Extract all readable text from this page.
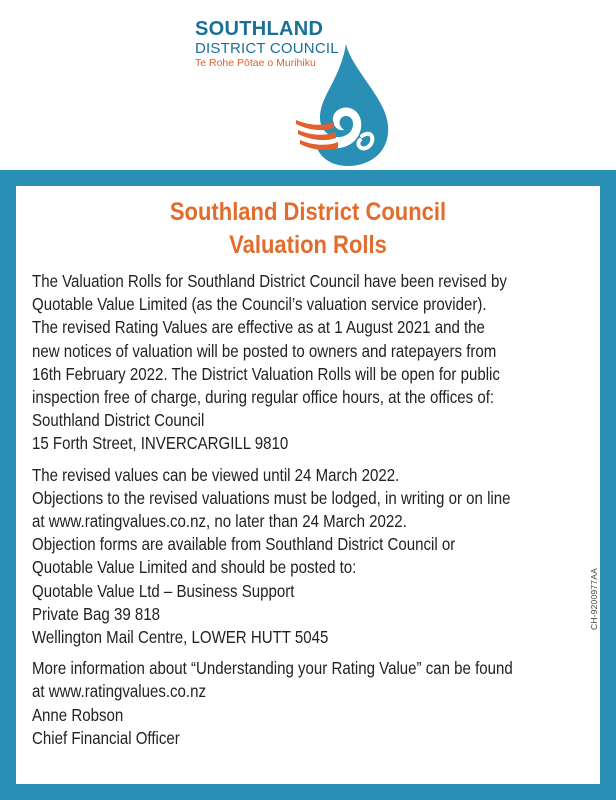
SOUTHLAND
DISTRICT COUNCIL
Te Rohe Pōtae o Murihiku
Southland District Council
Valuation Rolls
The Valuation Rolls for Southland District Council have been revised by
Quotable Value Limited (as the Council’s valuation service provider).
The revised Rating Values are effective as at 1 August 2021 and the
new notices of valuation will be posted to owners and ratepayers from
16th February 2022. The District Valuation Rolls will be open for public
inspection free of charge, during regular office hours, at the offices of:
Southland District Council
15 Forth Street, INVERCARGILL 9810
The revised values can be viewed until 24 March 2022.
Objections to the revised valuations must be lodged, in writing or on line
at www.ratingvalues.co.nz, no later than 24 March 2022.
Objection forms are available from Southland District Council or
Quotable Value Limited and should be posted to:
Quotable Value Ltd – Business Support
Private Bag 39 818
Wellington Mail Centre, LOWER HUTT 5045
More information about “Understanding your Rating Value” can be found
at www.ratingvalues.co.nz
Anne Robson
Chief Financial Officer
CH-9200977AA
